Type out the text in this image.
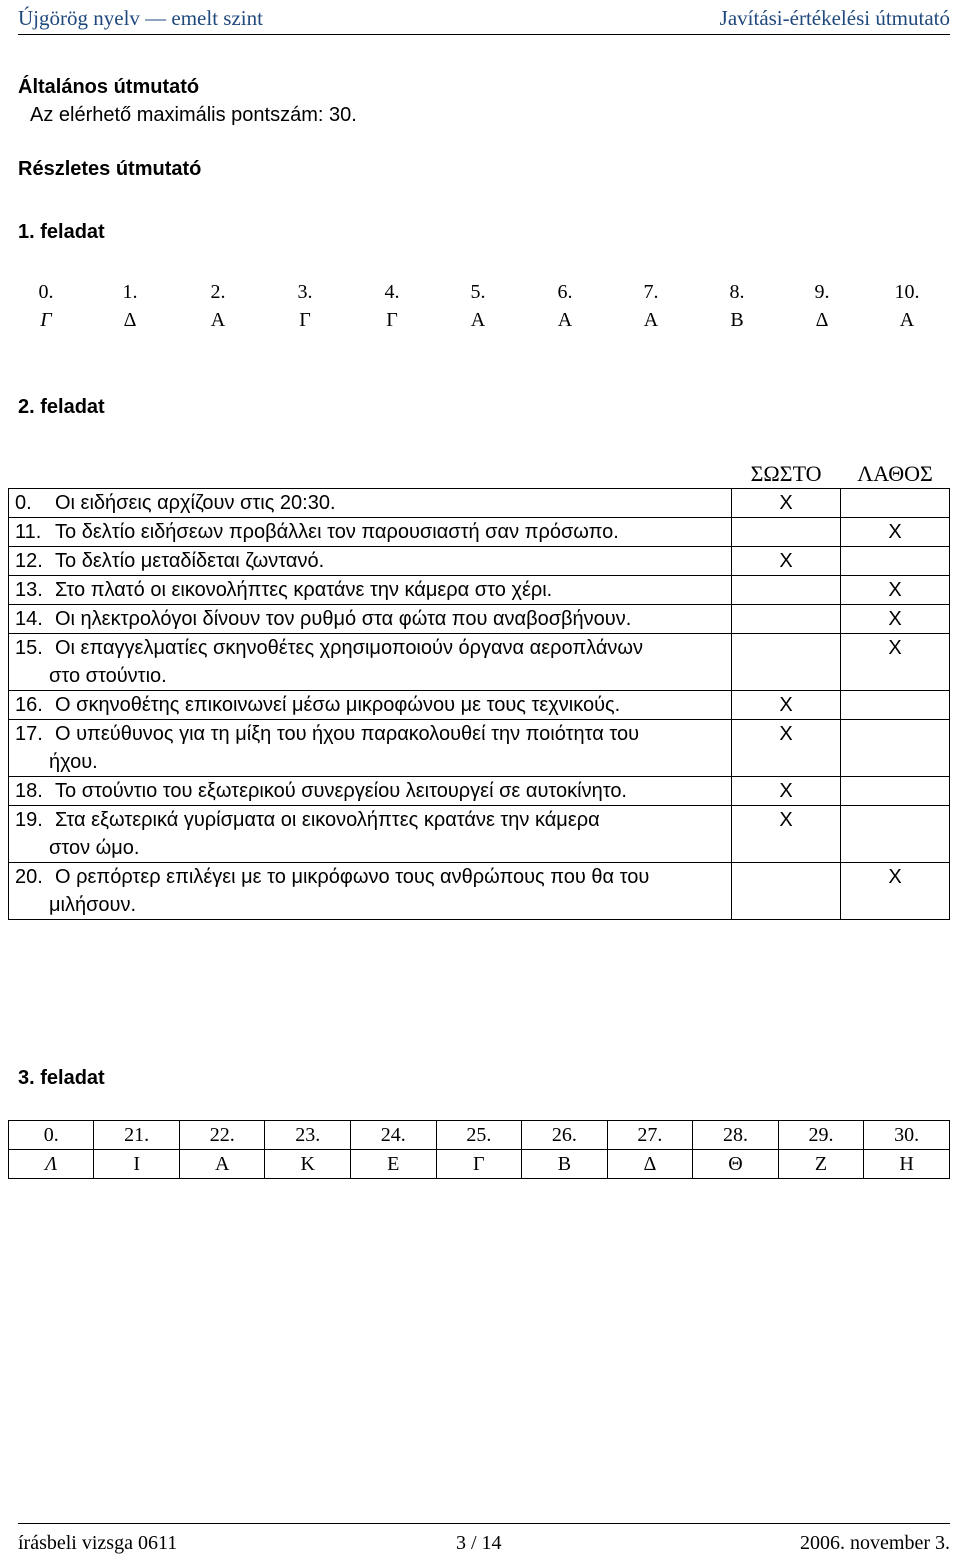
Újgörög nyelv — emelt szint	Javítási-értékelési útmutató
Általános útmutató
Az elérhető maximális pontszám: 30.
Részletes útmutató
1. feladat
0.	1.	2.	3.	4.	5.	6.	7.	8.	9.	10.
Γ	Δ	Α	Γ	Γ	Α	Α	Α	Β	Δ	Α
2. feladat
	ΣΩΣΤΟ	ΛΑΘΟΣ
0. Οι ειδήσεις αρχίζουν στις 20:30.	X	
11. Το δελτίο ειδήσεων προβάλλει τον παρουσιαστή σαν πρόσωπο.		X
12. Το δελτίο μεταδίδεται ζωντανό.	X	
13. Στο πλατό οι εικονολήπτες κρατάνε την κάμερα στο χέρι.		X
14. Οι ηλεκτρολόγοι δίνουν τον ρυθμό στα φώτα που αναβοσβήνουν.		X
15. Οι επαγγελματίες σκηνοθέτες χρησιμοποιούν όργανα αεροπλάνων
στο στούντιο.		X
16. Ο σκηνοθέτης επικοινωνεί μέσω μικροφώνου με τους τεχνικούς.	X	
17. Ο υπεύθυνος για τη μίξη του ήχου παρακολουθεί την ποιότητα του
ήχου.	X	
18. Το στούντιο του εξωτερικού συνεργείου λειτουργεί σε αυτοκίνητο.	X	
19. Στα εξωτερικά γυρίσματα οι εικονολήπτες κρατάνε την κάμερα
στον ώμο.	X	
20. Ο ρεπόρτερ επιλέγει με το μικρόφωνο τους ανθρώπους που θα του
μιλήσουν.		X
3. feladat
0.	21.	22.	23.	24.	25.	26.	27.	28.	29.	30.
Λ	Ι	Α	Κ	Ε	Γ	Β	Δ	Θ	Ζ	Η
írásbeli vizsga 0611	3 / 14	2006. november 3.
